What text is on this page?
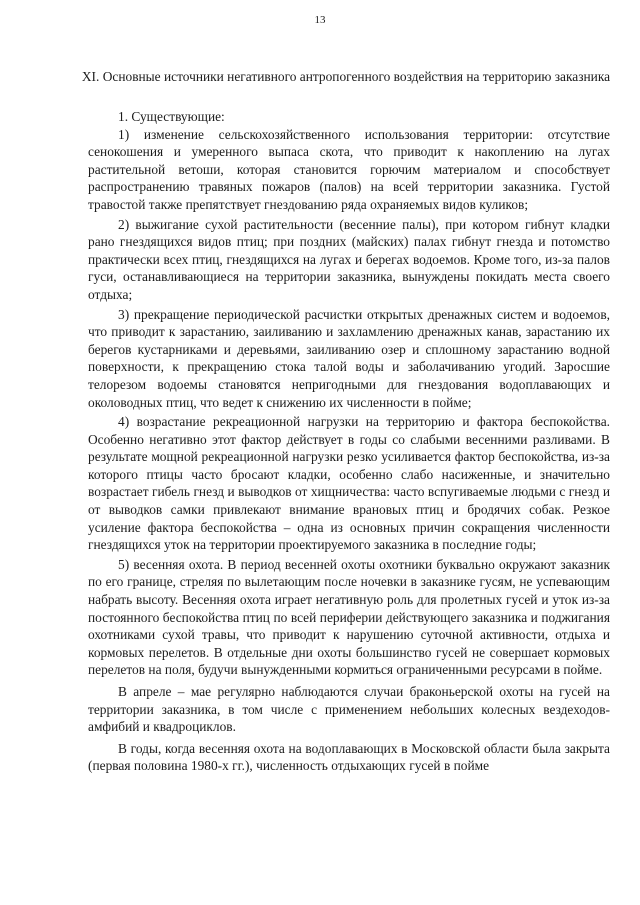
13
XI. Основные источники негативного антропогенного воздействия на территорию заказника

1. Существующие:

1) изменение сельскохозяйственного использования территории: отсутствие сенокошения и умеренного выпаса скота, что приводит к накоплению на лугах растительной ветоши, которая становится горючим материалом и способствует распространению травяных пожаров (палов) на всей территории заказника. Густой травостой также препятствует гнездованию ряда охраняемых видов куликов;

2) выжигание сухой растительности (весенние палы), при котором гибнут кладки рано гнездящихся видов птиц; при поздних (майских) палах гибнут гнезда и потомство практически всех птиц, гнездящихся на лугах и берегах водоемов. Кроме того, из-за палов гуси, останавливающиеся на территории заказника, вынуждены покидать места своего отдыха;

3) прекращение периодической расчистки открытых дренажных систем и водоемов, что приводит к зарастанию, заиливанию и захламлению дренажных канав, зарастанию их берегов кустарниками и деревьями, заиливанию озер и сплошному зарастанию водной поверхности, к прекращению стока талой воды и заболачиванию угодий. Заросшие телорезом водоемы становятся непригодными для гнездования водоплавающих и околоводных птиц, что ведет к снижению их численности в пойме;

4) возрастание рекреационной нагрузки на территорию и фактора беспокойства. Особенно негативно этот фактор действует в годы со слабыми весенними разливами. В результате мощной рекреационной нагрузки резко усиливается фактор беспокойства, из-за которого птицы часто бросают кладки, особенно слабо насиженные, и значительно возрастает гибель гнезд и выводков от хищничества: часто вспугиваемые людьми с гнезд и от выводков самки привлекают внимание врановых птиц и бродячих собак. Резкое усиление фактора беспокойства – одна из основных причин сокращения численности гнездящихся уток на территории проектируемого заказника в последние годы;

5) весенняя охота. В период весенней охоты охотники буквально окружают заказник по его границе, стреляя по вылетающим после ночевки в заказнике гусям, не успевающим набрать высоту. Весенняя охота играет негативную роль для пролетных гусей и уток из-за постоянного беспокойства птиц по всей периферии действующего заказника и поджигания охотниками сухой травы, что приводит к нарушению суточной активности, отдыха и кормовых перелетов. В отдельные дни охоты большинство гусей не совершает кормовых перелетов на поля, будучи вынужденными кормиться ограниченными ресурсами в пойме.

В апреле – мае регулярно наблюдаются случаи браконьерской охоты на гусей на территории заказника, в том числе с применением небольших колесных вездеходов-амфибий и квадроциклов.

В годы, когда весенняя охота на водоплавающих в Московской области была закрыта (первая половина 1980-х гг.), численность отдыхающих гусей в пойме
